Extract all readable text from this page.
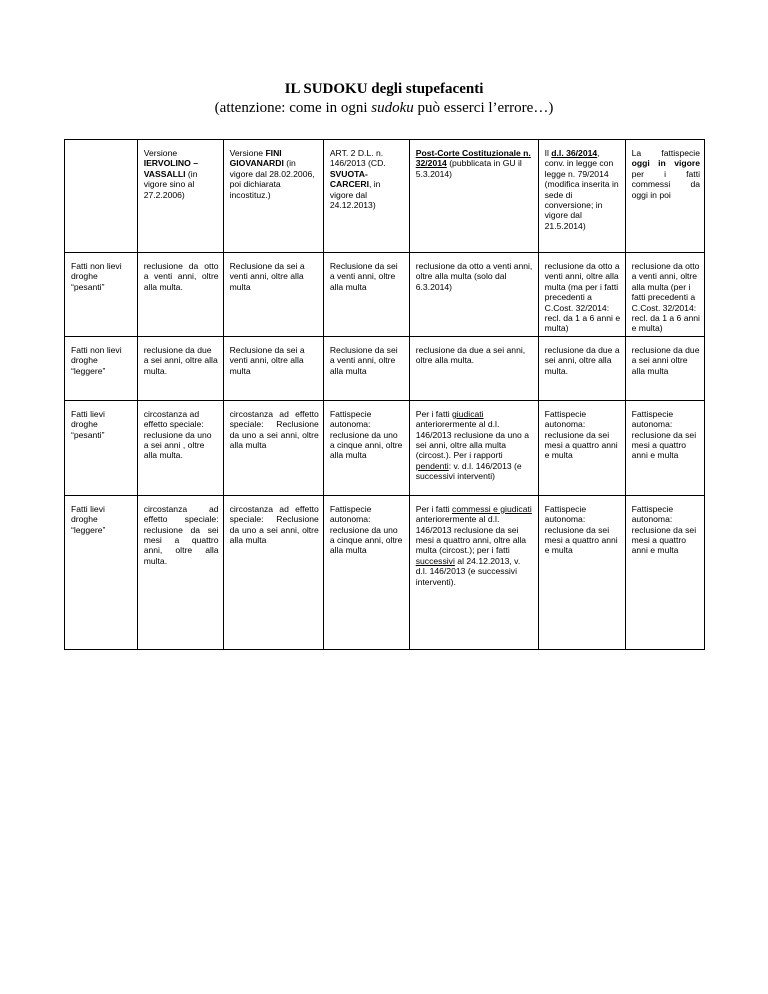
IL SUDOKU degli stupefacenti
(attenzione: come in ogni sudoku può esserci l’errore…)
	Versione IERVOLINO – VASSALLI (in vigore sino al 27.2.2006)	Versione FINI GIOVANARDI (in vigore dal 28.02.2006, poi dichiarata incostituz.)	ART. 2 D.L. n. 146/2013 (CD. SVUOTA-CARCERI, in vigore dal 24.12.2013)	Post-Corte Costituzionale n. 32/2014 (pubblicata in GU il 5.3.2014)	Il d.l. 36/2014, conv. in legge con legge n. 79/2014 (modifica inserita in sede di conversione; in vigore dal 21.5.2014)	La fattispecie oggi in vigore per i fatti commessi da oggi in poi
Fatti non lievi droghe “pesanti”	reclusione da otto a venti anni, oltre alla multa.	Reclusione da sei a venti anni, oltre alla multa	Reclusione da sei a venti anni, oltre alla multa	reclusione da otto a venti anni, oltre alla multa (solo dal 6.3.2014)	reclusione da otto a venti anni, oltre alla multa (ma per i fatti precedenti a C.Cost. 32/2014: recl. da 1 a 6 anni e multa)	reclusione da otto a venti anni, oltre alla multa (per i fatti precedenti a C.Cost. 32/2014: recl. da 1 a 6 anni e multa)
Fatti non lievi droghe “leggere”	reclusione da due a sei anni, oltre alla multa.	Reclusione da sei a venti anni, oltre alla multa	Reclusione da sei a venti anni, oltre alla multa	reclusione da due a sei anni, oltre alla multa.	reclusione da due a sei anni, oltre alla multa.	reclusione da due a sei anni oltre alla multa
Fatti lievi droghe “pesanti”	circostanza ad effetto speciale: reclusione da uno a sei anni , oltre alla multa.	circostanza ad effetto speciale: Reclusione da uno a sei anni, oltre alla multa	Fattispecie autonoma: reclusione da uno a cinque anni, oltre alla multa	Per i fatti giudicati anteriorermente al d.l. 146/2013 reclusione da uno a sei anni, oltre alla multa (circost.). Per i rapporti pendenti: v. d.l. 146/2013 (e successivi interventi)	Fattispecie autonoma: reclusione da sei mesi a quattro anni e multa	Fattispecie autonoma: reclusione da sei mesi a quattro anni e multa
Fatti lievi droghe “leggere”	circostanza ad effetto speciale: reclusione da sei mesi a quattro anni, oltre alla multa.	circostanza ad effetto speciale: Reclusione da uno a sei anni, oltre alla multa	Fattispecie autonoma: reclusione da uno a cinque anni, oltre alla multa	Per i fatti commessi e giudicati anteriorermente al d.l. 146/2013 reclusione da sei mesi a quattro anni, oltre alla multa (circost.); per i fatti successivi al 24.12.2013, v. d.l. 146/2013 (e successivi interventi).	Fattispecie autonoma: reclusione da sei mesi a quattro anni e multa	Fattispecie autonoma: reclusione da sei mesi a quattro anni e multa
